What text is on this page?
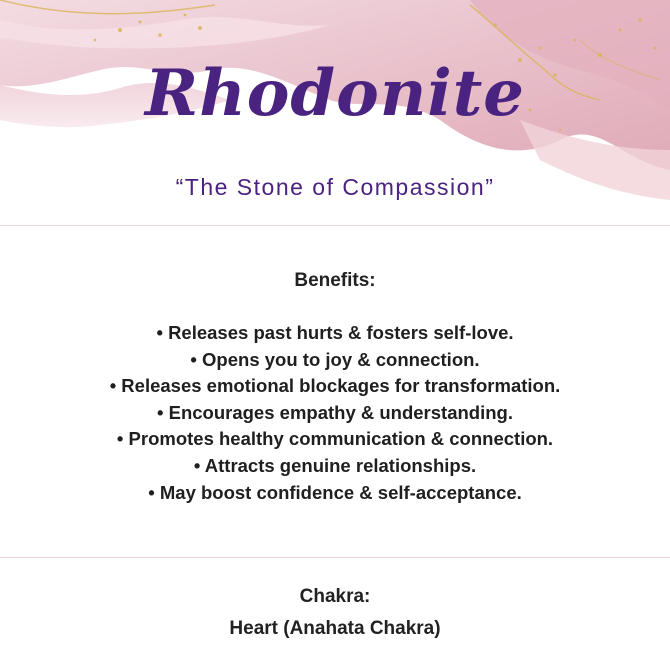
Rhodonite

“The Stone of Compassion”

Benefits:
• Releases past hurts & fosters self-love.
• Opens you to joy & connection.
• Releases emotional blockages for transformation.
• Encourages empathy & understanding.
• Promotes healthy communication & connection.
• Attracts genuine relationships.
• May boost confidence & self-acceptance.
Chakra:

Heart (Anahata Chakra)
